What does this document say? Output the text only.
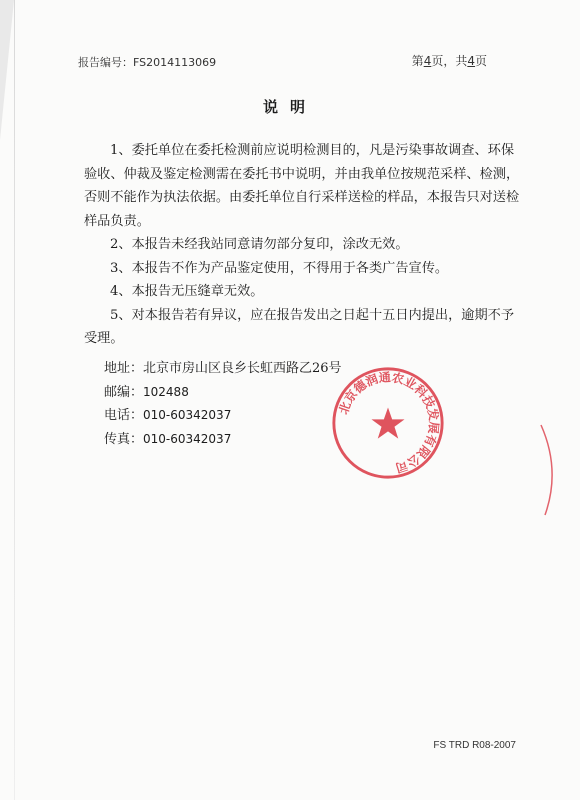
报告编号：FS2014113069	第4页，共4页
说明

1、委托单位在委托检测前应说明检测目的，凡是污染事故调查、环保验收、仲裁及鉴定检测需在委托书中说明，并由我单位按规范采样、检测，否则不能作为执法依据。由委托单位自行采样送检的样品，本报告只对送检样品负责。

2、本报告未经我站同意请勿部分复印，涂改无效。

3、本报告不作为产品鉴定使用，不得用于各类广告宣传。

4、本报告无压缝章无效。

5、对本报告若有异议，应在报告发出之日起十五日内提出，逾期不予受理。

地址：北京市房山区良乡长虹西路乙26号
邮编：102488
电话：010-60342037
传真：010-60342037
北京德润通农业科技发展有限公司
FS TRD R08-2007
